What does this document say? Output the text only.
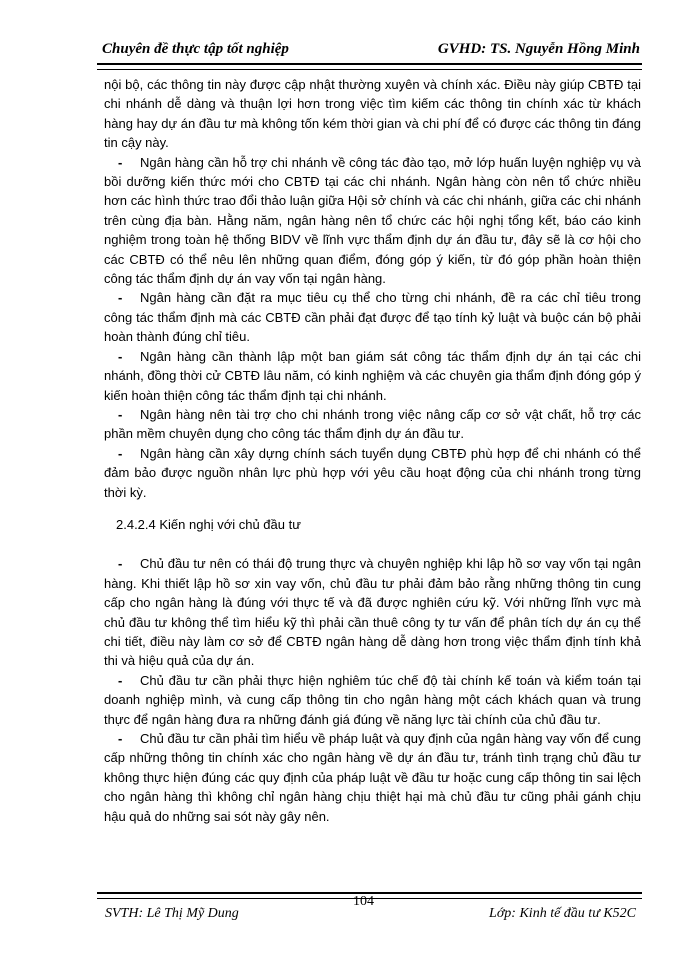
Chuyên đề thực tập tốt nghiệp	GVHD: TS. Nguyễn Hồng Minh

nội bộ, các thông tin này được cập nhật thường xuyên và chính xác. Điều này giúp CBTĐ tại chi nhánh dễ dàng và thuận lợi hơn trong việc tìm kiếm các thông tin chính xác từ khách hàng hay dự án đầu tư mà không tốn kém thời gian và chi phí để có được các thông tin đáng tin cậy này.

- Ngân hàng cần hỗ trợ chi nhánh về công tác đào tạo, mở lớp huấn luyện nghiệp vụ và bồi dưỡng kiến thức mới cho CBTĐ tại các chi nhánh. Ngân hàng còn nên tổ chức nhiều hơn các hình thức trao đổi thảo luận giữa Hội sở chính và các chi nhánh, giữa các chi nhánh trên cùng địa bàn. Hằng năm, ngân hàng nên tổ chức các hội nghị tổng kết, báo cáo kinh nghiệm trong toàn hệ thống BIDV về lĩnh vực thẩm định dự án đầu tư, đây sẽ là cơ hội cho các CBTĐ có thể nêu lên những quan điểm, đóng góp ý kiến, từ đó góp phần hoàn thiện công tác thẩm định dự án vay vốn tại ngân hàng.

- Ngân hàng cần đặt ra mục tiêu cụ thể cho từng chi nhánh, đề ra các chỉ tiêu trong công tác thẩm định mà các CBTĐ cần phải đạt được để tạo tính kỷ luật và buộc cán bộ phải hoàn thành đúng chỉ tiêu.

- Ngân hàng cần thành lập một ban giám sát công tác thẩm định dự án tại các chi nhánh, đồng thời cử CBTĐ lâu năm, có kinh nghiệm và các chuyên gia thẩm định đóng góp ý kiến hoàn thiện công tác thẩm định tại chi nhánh.

- Ngân hàng nên tài trợ cho chi nhánh trong việc nâng cấp cơ sở vật chất, hỗ trợ các phần mềm chuyên dụng cho công tác thẩm định dự án đầu tư.

- Ngân hàng cần xây dựng chính sách tuyển dụng CBTĐ phù hợp để chi nhánh có thể đảm bảo được nguồn nhân lực phù hợp với yêu cầu hoạt động của chi nhánh trong từng thời kỳ.

2.4.2.4 Kiến nghị với chủ đầu tư

- Chủ đầu tư nên có thái độ trung thực và chuyên nghiệp khi lập hồ sơ vay vốn tại ngân hàng. Khi thiết lập hồ sơ xin vay vốn, chủ đầu tư phải đảm bảo rằng những thông tin cung cấp cho ngân hàng là đúng với thực tế và đã được nghiên cứu kỹ. Với những lĩnh vực mà chủ đầu tư không thể tìm hiểu kỹ thì phải cần thuê công ty tư vấn để phân tích dự án cụ thể chi tiết, điều này làm cơ sở để CBTĐ ngân hàng dễ dàng hơn trong việc thẩm định tính khả thi và hiệu quả của dự án.

- Chủ đầu tư cần phải thực hiện nghiêm túc chế độ tài chính kế toán và kiểm toán tại doanh nghiệp mình, và cung cấp thông tin cho ngân hàng một cách khách quan và trung thực để ngân hàng đưa ra những đánh giá đúng về năng lực tài chính của chủ đầu tư.

- Chủ đầu tư cần phải tìm hiểu về pháp luật và quy định của ngân hàng vay vốn để cung cấp những thông tin chính xác cho ngân hàng về dự án đầu tư, tránh tình trạng chủ đầu tư không thực hiện đúng các quy định của pháp luật về đầu tư hoặc cung cấp thông tin sai lệch cho ngân hàng thì không chỉ ngân hàng chịu thiệt hại mà chủ đầu tư cũng phải gánh chịu hậu quả do những sai sót này gây nên.

104
SVTH: Lê Thị Mỹ Dung	Lớp: Kinh tế đầu tư K52C
